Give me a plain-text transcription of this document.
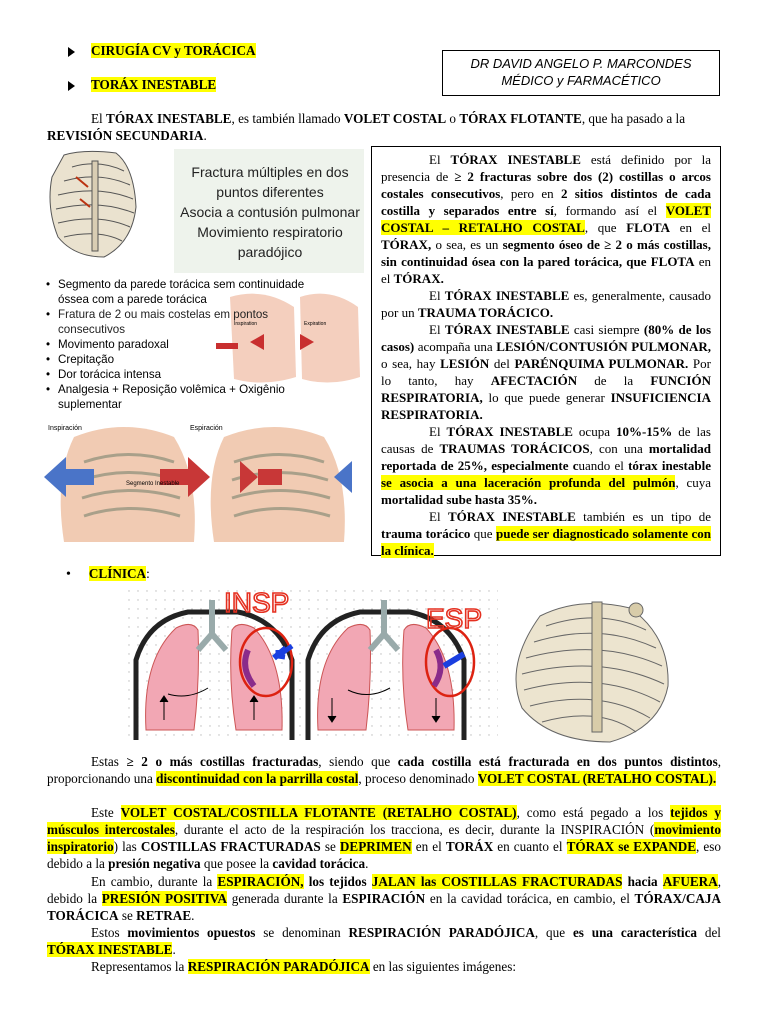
CIRUGÍA CV y TORÁCICA
TORÁX INESTABLE
DR DAVID ANGELO P. MARCONDES
MÉDICO y FARMACÉTICO
El TÓRAX INESTABLE, es también llamado VOLET COSTAL o TÓRAX FLOTANTE, que ha pasado a la
REVISIÓN SECUNDARIA.
Fractura múltiples en dos
puntos diferentes
Asocia a contusión pulmonar
Movimiento respiratorio
paradójico
Inspiration	Expiration
Inspiración	Espiración
Segmento Inestable
• Segmento da parede torácica sem continuidade óssea com a parede torácica
• Fratura de 2 ou mais costelas em pontos consecutivos
• Movimento paradoxal
• Crepitação
• Dor torácica intensa
• Analgesia + Reposição volêmica + Oxigênio suplementar

El TÓRAX INESTABLE está definido por la presencia de ≥ 2 fracturas sobre dos (2) costillas o arcos costales consecutivos, pero en 2 sitios distintos de cada costilla y separados entre sí, formando así el VOLET COSTAL – RETALHO COSTAL, que FLOTA en el TÓRAX, o sea, es un segmento óseo de ≥ 2 o más costillas, sin continuidad ósea con la pared torácica, que FLOTA en el TÓRAX.

El TÓRAX INESTABLE es, generalmente, causado por un TRAUMA TORÁCICO.

El TÓRAX INESTABLE casi siempre (80% de los casos) acompaña una LESIÓN/CONTUSIÓN PULMONAR, o sea, hay LESIÓN del PARÉNQUIMA PULMONAR. Por lo tanto, hay AFECTACIÓN de la FUNCIÓN RESPIRATORIA, lo que puede generar INSUFICIENCIA RESPIRATORIA.

El TÓRAX INESTABLE ocupa 10%-15% de las causas de TRAUMAS TORÁCICOS, con una mortalidad reportada de 25%, especialmente cuando el tórax inestable se asocia a una laceración profunda del pulmón, cuya mortalidad sube hasta 35%.

El TÓRAX INESTABLE también es un tipo de trauma torácico que puede ser diagnosticado solamente con la clínica.

• CLÍNICA:
INSP
ESP
Estas ≥ 2 o más costillas fracturadas, siendo que cada costilla está fracturada en dos puntos distintos, proporcionando una discontinuidad con la parrilla costal, proceso denominado VOLET COSTAL (RETALHO COSTAL).
Este VOLET COSTAL/COSTILLA FLOTANTE (RETALHO COSTAL), como está pegado a los tejidos y músculos intercostales, durante el acto de la respiración los tracciona, es decir, durante la INSPIRACIÓN (movimiento inspiratorio) las COSTILLAS FRACTURADAS se DEPRIMEN en el TORÁX en cuanto el TÓRAX se EXPANDE, eso debido a la presión negativa que posee la cavidad torácica.
En cambio, durante la ESPIRACIÓN, los tejidos JALAN las COSTILLAS FRACTURADAS hacia AFUERA, debido la PRESIÓN POSITIVA generada durante la ESPIRACIÓN en la cavidad torácica, en cambio, el TÓRAX/CAJA TORÁCICA se RETRAE.
Estos movimientos opuestos se denominan RESPIRACIÓN PARADÓJICA, que es una característica del TÓRAX INESTABLE.
Representamos la RESPIRACIÓN PARADÓJICA en las siguientes imágenes:
